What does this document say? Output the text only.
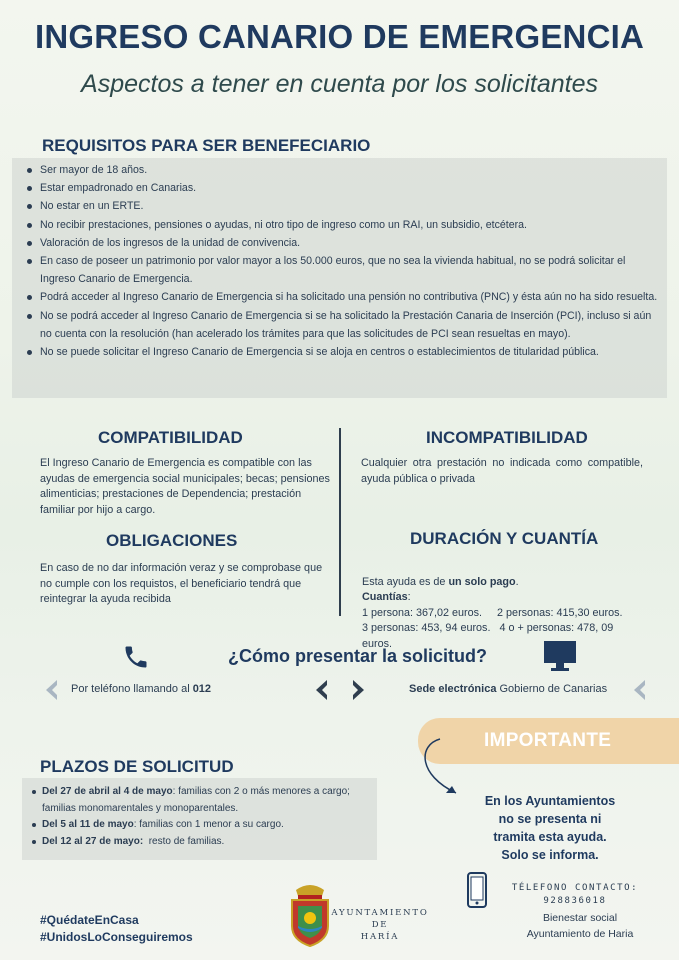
INGRESO CANARIO DE EMERGENCIA
Aspectos a tener en cuenta por los solicitantes
REQUISITOS PARA SER BENEFECIARIO
Ser mayor de 18 años.
Estar empadronado en Canarias.
No estar en un ERTE.
No recibir prestaciones, pensiones o ayudas, ni otro tipo de ingreso como un RAI, un subsidio, etcétera.
Valoración de los ingresos de la unidad de convivencia.
En caso de poseer un patrimonio por valor mayor a los 50.000 euros, que no sea la vivienda habitual, no se podrá solicitar el Ingreso Canario de Emergencia.
Podrá acceder al Ingreso Canario de Emergencia si ha solicitado una pensión no contributiva (PNC) y ésta aún no ha sido resuelta.
No se podrá acceder al Ingreso Canario de Emergencia si se ha solicitado la Prestación Canaria de Inserción (PCI), incluso si aún no cuenta con la resolución (han acelerado los trámites para que las solicitudes de PCI sean resueltas en mayo).
No se puede solicitar el Ingreso Canario de Emergencia si se aloja en centros o establecimientos de titularidad pública.
COMPATIBILIDAD
El Ingreso Canario de Emergencia es compatible con las ayudas de emergencia social municipales; becas; pensiones alimenticias; prestaciones de Dependencia; prestación familiar por hijo a cargo.
INCOMPATIBILIDAD
Cualquier otra prestación no indicada como compatible, ayuda pública o privada
OBLIGACIONES
En caso de no dar información veraz y se comprobase que no cumple con los requistos, el beneficiario tendrá que reintegrar la ayuda recibida
DURACIÓN Y CUANTÍA

Esta ayuda es de un solo pago.
Cuantías:
1 persona: 367,02 euros.     2 personas: 415,30 euros.
3 personas: 453, 94 euros.   4 o + personas: 478, 09
euros.

¿Cómo presentar la solicitud?
Por teléfono llamando al 012	Sede electrónica Gobierno de Canarias
IMPORTANTE
En los Ayuntamientos
no se presenta ni
tramita esta ayuda.
Solo se informa.
PLAZOS DE SOLICITUD
Del 27 de abril al 4 de mayo: familias con 2 o más menores a cargo; familias monomarentales y monoparentales.
Del 5 al 11 de mayo: familias con 1 menor a su cargo.
Del 12 al 27 de mayo:  resto de familias.
TÉLEFONO CONTACTO:
928836018
Bienestar social
Ayuntamiento de Haria
#QuédateEnCasa
#UnidosLoConseguiremos
AYUNTAMIENTO
DE
HARÍA
